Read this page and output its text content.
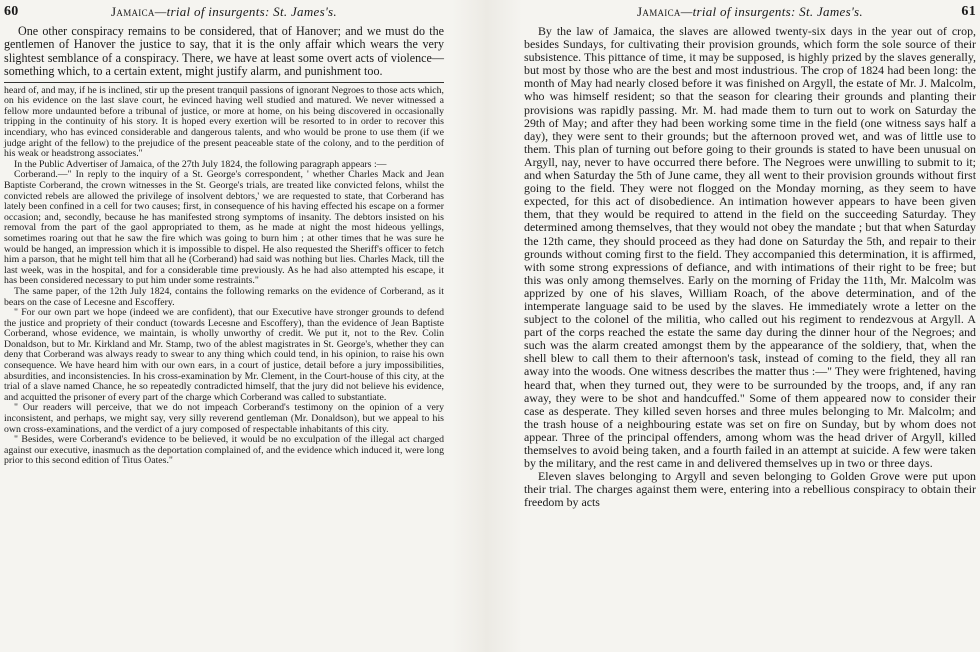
60	Jamaica—trial of insurgents: St. James's.

One other conspiracy remains to be considered, that of Hanover; and we must do the gentlemen of Hanover the justice to say, that it is the only affair which wears the very slightest semblance of a conspiracy. There, we have at least some overt acts of violence—something which, to a certain extent, might justify alarm, and punishment too.

heard of, and may, if he is inclined, stir up the present tranquil passions of ignorant Negroes to those acts which, on his evidence on the last slave court, he evinced having well studied and matured. We never witnessed a fellow more undaunted before a tribunal of justice, or more at home, on his being discovered in occasionally tripping in the continuity of his story. It is hoped every exertion will be resorted to in order to recover this incendiary, who has evinced considerable and dangerous talents, and who would be prone to use them (if we judge aright of the fellow) to the prejudice of the present peaceable state of the colony, and to the perdition of his weak or headstrong associates."

In the Public Advertiser of Jamaica, of the 27th July 1824, the following paragraph appears :—

Corberand.—" In reply to the inquiry of a St. George's correspondent, ' whether Charles Mack and Jean Baptiste Corberand, the crown witnesses in the St. George's trials, are treated like convicted felons, whilst the convicted rebels are allowed the privilege of insolvent debtors,' we are requested to state, that Corberand has lately been confined in a cell for two causes; first, in consequence of his having effected his escape on a former occasion; and, secondly, because he has manifested strong symptoms of insanity. The debtors insisted on his removal from the part of the gaol appropriated to them, as he made at night the most hideous yellings, sometimes roaring out that he saw the fire which was going to burn him ; at other times that he was sure he would be hanged, an impression which it is impossible to dispel. He also requested the Sheriff's officer to fetch him a parson, that he might tell him that all he (Corberand) had said was nothing but lies. Charles Mack, till the last week, was in the hospital, and for a considerable time previously. As he had also attempted his escape, it has been considered necessary to put him under some restraints."

The same paper, of the 12th July 1824, contains the following remarks on the evidence of Corberand, as it bears on the case of Lecesne and Escoffery.

" For our own part we hope (indeed we are confident), that our Executive have stronger grounds to defend the justice and propriety of their conduct (towards Lecesne and Escoffery), than the evidence of Jean Baptiste Corberand, whose evidence, we maintain, is wholly unworthy of credit. We put it, not to the Rev. Colin Donaldson, but to Mr. Kirkland and Mr. Stamp, two of the ablest magistrates in St. George's, whether they can deny that Corberand was always ready to swear to any thing which could tend, in his opinion, to raise his own consequence. We have heard him with our own ears, in a court of justice, detail before a jury impossibilities, absurdities, and inconsistencies. In his cross-examination by Mr. Clement, in the Court-house of this city, at the trial of a slave named Chance, he so repeatedly contradicted himself, that the jury did not believe his evidence, and acquitted the prisoner of every part of the charge which Corberand was called to substantiate.

" Our readers will perceive, that we do not impeach Corberand's testimony on the opinion of a very inconsistent, and perhaps, we might say, very silly reverend gentleman (Mr. Donaldson), but we appeal to his own cross-examinations, and the verdict of a jury composed of respectable inhabitants of this city.

" Besides, were Corberand's evidence to be believed, it would be no exculpation of the illegal act charged against our executive, inasmuch as the deportation complained of, and the evidence which induced it, were long prior to this second edition of Titus Oates."

Jamaica—trial of insurgents: St. James's.	61

By the law of Jamaica, the slaves are allowed twenty-six days in the year out of crop, besides Sundays, for cultivating their provision grounds, which form the sole source of their subsistence. This pittance of time, it may be supposed, is highly prized by the slaves generally, but most by those who are the best and most industrious. The crop of 1824 had been long: the month of May had nearly closed before it was finished on Argyll, the estate of Mr. J. Malcolm, who was himself resident; so that the season for clearing their grounds and planting their provisions was rapidly passing. Mr. M. had made them to turn out to work on Saturday the 29th of May; and after they had been working some time in the field (one witness says half a day), they were sent to their grounds; but the afternoon proved wet, and was of little use to them. This plan of turning out before going to their grounds is stated to have been unusual on Argyll, nay, never to have occurred there before. The Negroes were unwilling to submit to it; and when Saturday the 5th of June came, they all went to their provision grounds without first going to the field. They were not flogged on the Monday morning, as they seem to have expected, for this act of disobedience. An intimation however appears to have been given them, that they would be required to attend in the field on the succeeding Saturday. They determined among themselves, that they would not obey the mandate ; but that when Saturday the 12th came, they should proceed as they had done on Saturday the 5th, and repair to their grounds without coming first to the field. They accompanied this determination, it is affirmed, with some strong expressions of defiance, and with intimations of their right to be free; but this was only among themselves. Early on the morning of Friday the 11th, Mr. Malcolm was apprized by one of his slaves, William Roach, of the above determination, and of the intemperate language said to be used by the slaves. He immediately wrote a letter on the subject to the colonel of the militia, who called out his regiment to rendezvous at Argyll. A part of the corps reached the estate the same day during the dinner hour of the Negroes; and such was the alarm created amongst them by the appearance of the soldiery, that, when the shell blew to call them to their afternoon's task, instead of coming to the field, they all ran away into the woods. One witness describes the matter thus :—" They were frightened, having heard that, when they turned out, they were to be surrounded by the troops, and, if any ran away, they were to be shot and handcuffed." Some of them appeared now to consider their case as desperate. They killed seven horses and three mules belonging to Mr. Malcolm; and the trash house of a neighbouring estate was set on fire on Sunday, but by whom does not appear. Three of the principal offenders, among whom was the head driver of Argyll, killed themselves to avoid being taken, and a fourth failed in an attempt at suicide. A few were taken by the military, and the rest came in and delivered themselves up in two or three days.

Eleven slaves belonging to Argyll and seven belonging to Golden Grove were put upon their trial. The charges against them were, entering into a rebellious conspiracy to obtain their freedom by acts
